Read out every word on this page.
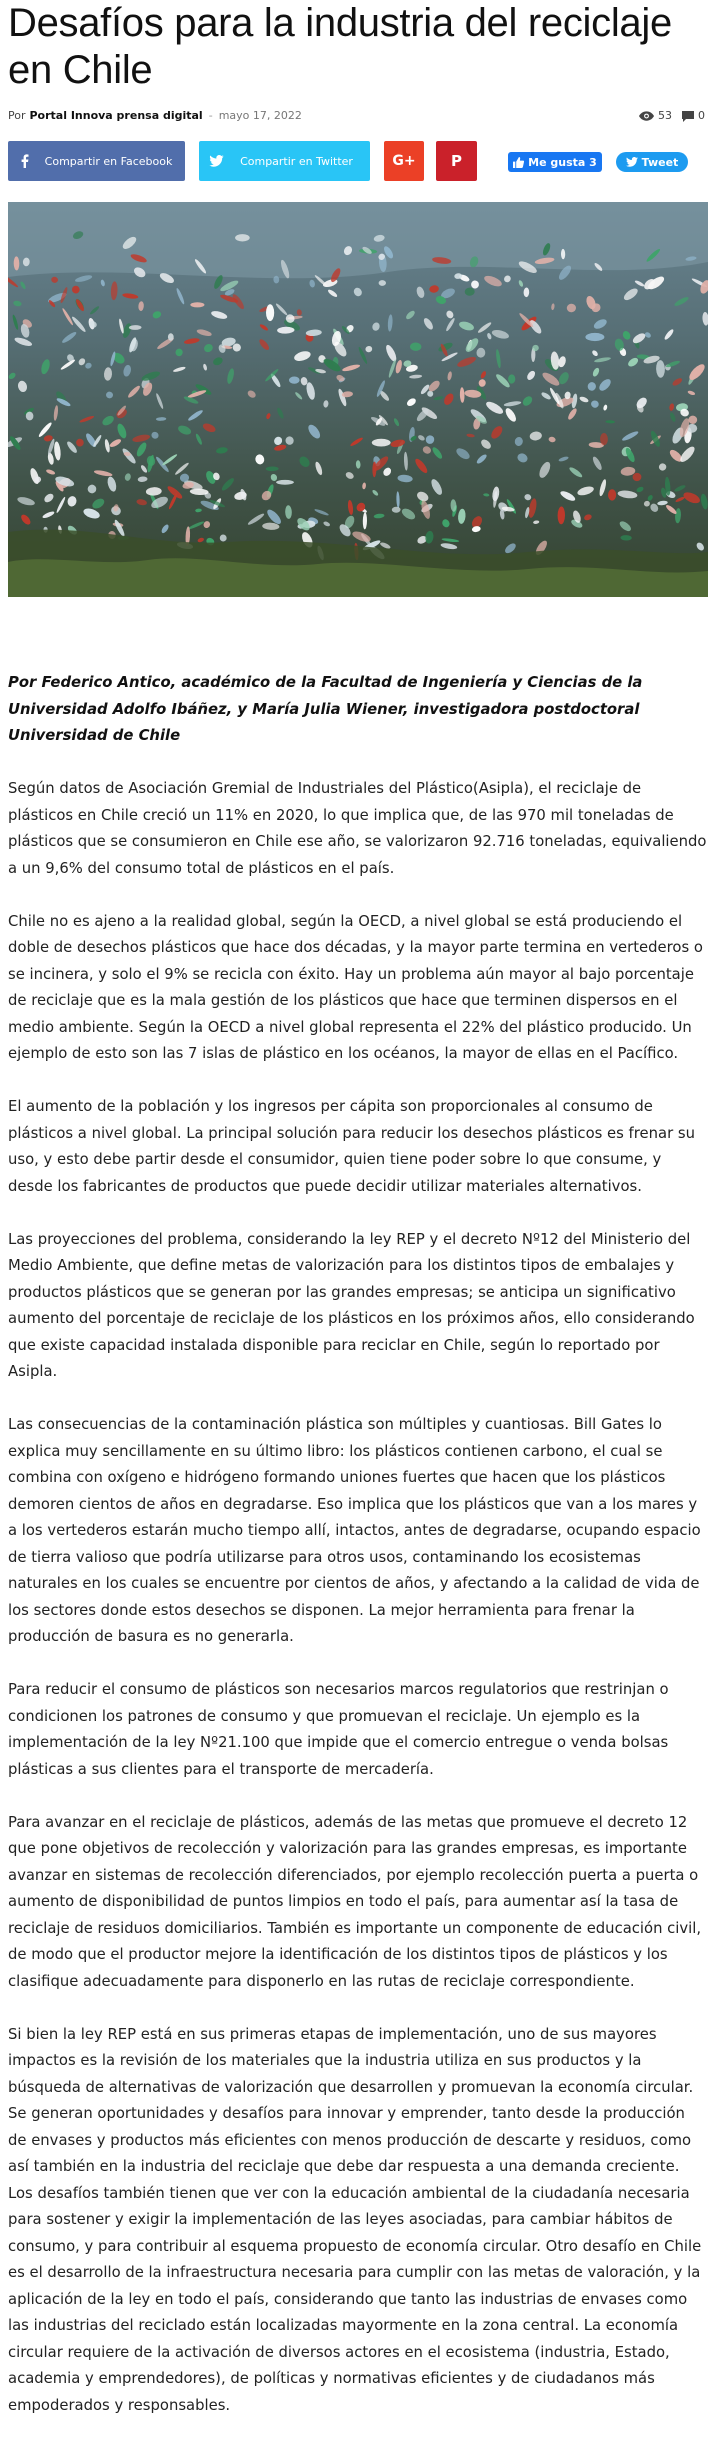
Desafíos para la industria del reciclaje en Chile
Por Portal Innova prensa digital - mayo 17, 2022	53 0
Compartir en Facebook	Compartir en Twitter	G+ P	Me gusta 3	Tweet

Por Federico Antico, académico de la Facultad de Ingeniería y Ciencias de la Universidad Adolfo Ibáñez, y María Julia Wiener, investigadora postdoctoral Universidad de Chile

Según datos de Asociación Gremial de Industriales del Plástico(Asipla), el reciclaje de plásticos en Chile creció un 11% en 2020, lo que implica que, de las 970 mil toneladas de plásticos que se consumieron en Chile ese año, se valorizaron 92.716 toneladas, equivaliendo a un 9,6% del consumo total de plásticos en el país.

Chile no es ajeno a la realidad global, según la OECD, a nivel global se está produciendo el doble de desechos plásticos que hace dos décadas, y la mayor parte termina en vertederos o se incinera, y solo el 9% se recicla con éxito. Hay un problema aún mayor al bajo porcentaje de reciclaje que es la mala gestión de los plásticos que hace que terminen dispersos en el medio ambiente. Según la OECD a nivel global representa el 22% del plástico producido. Un ejemplo de esto son las 7 islas de plástico en los océanos, la mayor de ellas en el Pacífico.

El aumento de la población y los ingresos per cápita son proporcionales al consumo de plásticos a nivel global. La principal solución para reducir los desechos plásticos es frenar su uso, y esto debe partir desde el consumidor, quien tiene poder sobre lo que consume, y desde los fabricantes de productos que puede decidir utilizar materiales alternativos.

Las proyecciones del problema, considerando la ley REP y el decreto Nº12 del Ministerio del Medio Ambiente, que define metas de valorización para los distintos tipos de embalajes y productos plásticos que se generan por las grandes empresas; se anticipa un significativo aumento del porcentaje de reciclaje de los plásticos en los próximos años, ello considerando que existe capacidad instalada disponible para reciclar en Chile, según lo reportado por Asipla.

Las consecuencias de la contaminación plástica son múltiples y cuantiosas. Bill Gates lo explica muy sencillamente en su último libro: los plásticos contienen carbono, el cual se combina con oxígeno e hidrógeno formando uniones fuertes que hacen que los plásticos demoren cientos de años en degradarse. Eso implica que los plásticos que van a los mares y a los vertederos estarán mucho tiempo allí, intactos, antes de degradarse, ocupando espacio de tierra valioso que podría utilizarse para otros usos, contaminando los ecosistemas naturales en los cuales se encuentre por cientos de años, y afectando a la calidad de vida de los sectores donde estos desechos se disponen. La mejor herramienta para frenar la producción de basura es no generarla.

Para reducir el consumo de plásticos son necesarios marcos regulatorios que restrinjan o condicionen los patrones de consumo y que promuevan el reciclaje. Un ejemplo es la implementación de la ley Nº21.100 que impide que el comercio entregue o venda bolsas plásticas a sus clientes para el transporte de mercadería.

Para avanzar en el reciclaje de plásticos, además de las metas que promueve el decreto 12 que pone objetivos de recolección y valorización para las grandes empresas, es importante avanzar en sistemas de recolección diferenciados, por ejemplo recolección puerta a puerta o aumento de disponibilidad de puntos limpios en todo el país, para aumentar así la tasa de reciclaje de residuos domiciliarios. También es importante un componente de educación civil, de modo que el productor mejore la identificación de los distintos tipos de plásticos y los clasifique adecuadamente para disponerlo en las rutas de reciclaje correspondiente.

Si bien la ley REP está en sus primeras etapas de implementación, uno de sus mayores impactos es la revisión de los materiales que la industria utiliza en sus productos y la búsqueda de alternativas de valorización que desarrollen y promuevan la economía circular. Se generan oportunidades y desafíos para innovar y emprender, tanto desde la producción de envases y productos más eficientes con menos producción de descarte y residuos, como así también en la industria del reciclaje que debe dar respuesta a una demanda creciente. Los desafíos también tienen que ver con la educación ambiental de la ciudadanía necesaria para sostener y exigir la implementación de las leyes asociadas, para cambiar hábitos de consumo, y para contribuir al esquema propuesto de economía circular. Otro desafío en Chile es el desarrollo de la infraestructura necesaria para cumplir con las metas de valoración, y la aplicación de la ley en todo el país, considerando que tanto las industrias de envases como las industrias del reciclado están localizadas mayormente en la zona central. La economía circular requiere de la activación de diversos actores en el ecosistema (industria, Estado, academia y emprendedores), de políticas y normativas eficientes y de ciudadanos más empoderados y responsables.
